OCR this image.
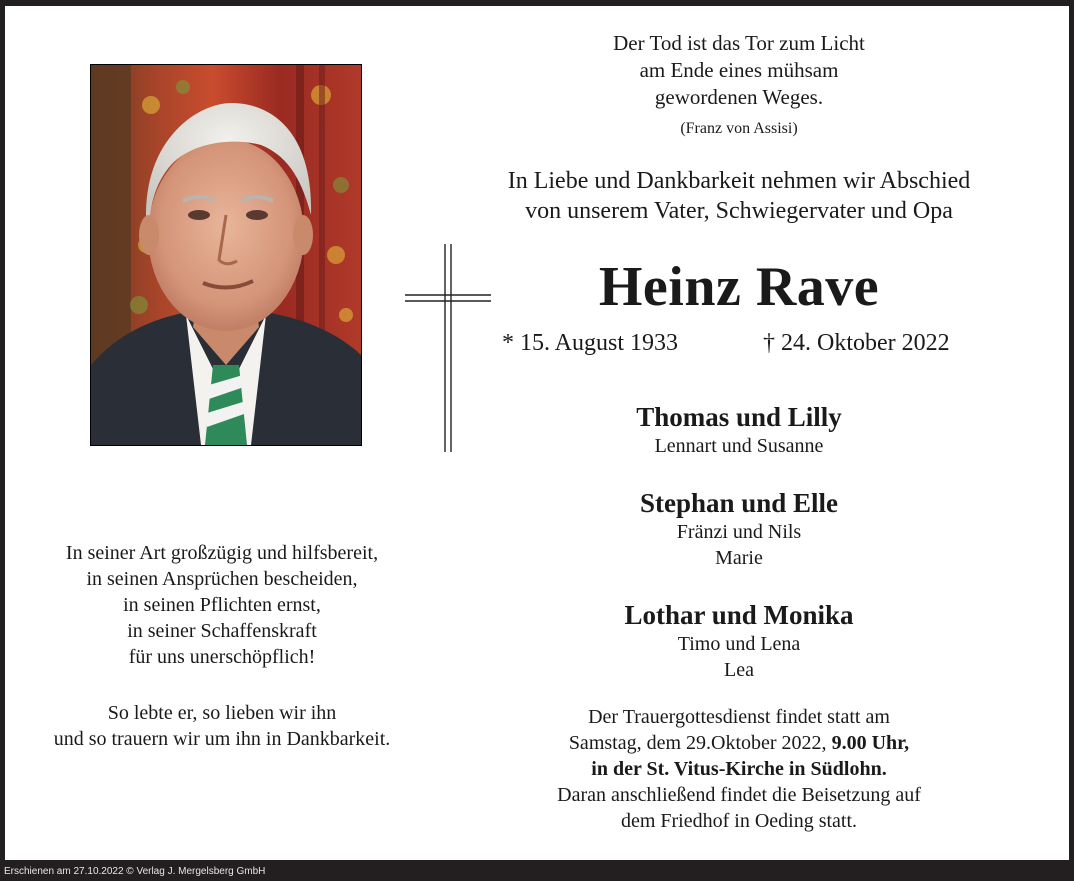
Der Tod ist das Tor zum Licht
am Ende eines mühsam
gewordenen Weges.
(Franz von Assisi)
In Liebe und Dankbarkeit nehmen wir Abschied
von unserem Vater, Schwiegervater und Opa
Heinz Rave
* 15. August 1933	† 24. Oktober 2022
Thomas und Lilly
Lennart und Susanne
Stephan und Elle
Fränzi und Nils
Marie
Lothar und Monika
Timo und Lena
Lea
In seiner Art großzügig und hilfsbereit,
in seinen Ansprüchen bescheiden,
in seinen Pflichten ernst,
in seiner Schaffenskraft
für uns unerschöpflich!
So lebte er, so lieben wir ihn
und so trauern wir um ihn in Dankbarkeit.
Der Trauergottesdienst findet statt am
Samstag, dem 29.Oktober 2022, 9.00 Uhr,
in der St. Vitus-Kirche in Südlohn.
Daran anschließend findet die Beisetzung auf
dem Friedhof in Oeding statt.
Erschienen am 27.10.2022 © Verlag J. Mergelsberg GmbH
